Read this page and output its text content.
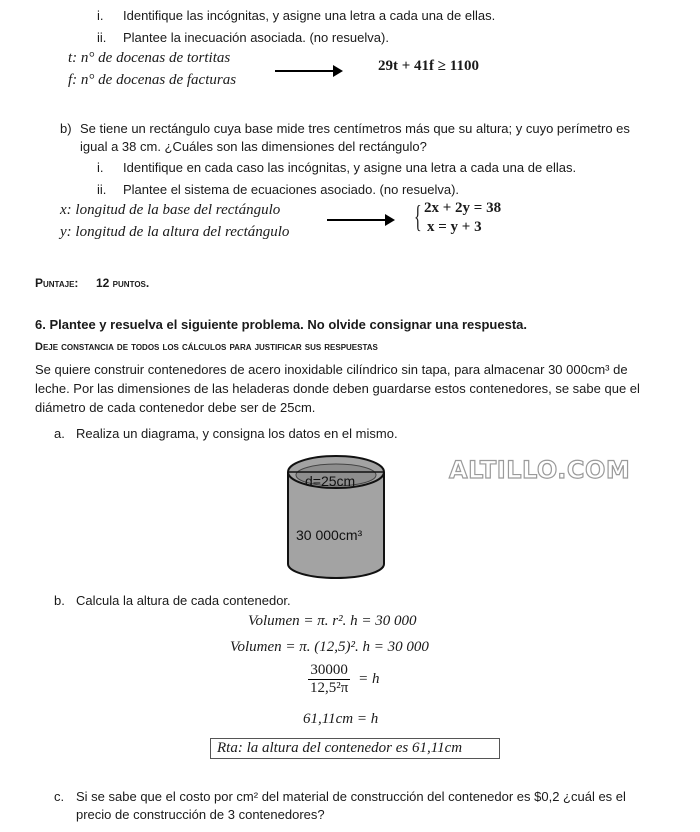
i. Identifique las incógnitas, y asigne una letra a cada una de ellas.
ii. Plantee la inecuación asociada. (no resuelva).
t: n° de docenas de tortitas
f: n° de docenas de facturas
29t + 41f ≥ 1100
b) Se tiene un rectángulo cuya base mide tres centímetros más que su altura; y cuyo perímetro es
igual a 38 cm. ¿Cuáles son las dimensiones del rectángulo?
i. Identifique en cada caso las incógnitas, y asigne una letra a cada una de ellas.
ii. Plantee el sistema de ecuaciones asociado. (no resuelva).
x: longitud de la base del rectángulo
y: longitud de la altura del rectángulo	{ 2x + 2y = 38
x = y + 3
Puntaje: 12 puntos.
6. Plantee y resuelva el siguiente problema. No olvide consignar una respuesta.
Deje constancia de todos los cálculos para justificar sus respuestas
Se quiere construir contenedores de acero inoxidable cilíndrico sin tapa, para almacenar 30 000cm³ de
leche. Por las dimensiones de las heladeras donde deben guardarse estos contenedores, se sabe que el
diámetro de cada contenedor debe ser de 25cm.
a. Realiza un diagrama, y consigna los datos en el mismo.
d=25cm
30 000cm³
ALTILLO.COM
b. Calcula la altura de cada contenedor.
Volumen = π. r². h = 30 000
Volumen = π. (12,5)². h = 30 000
$\frac{30000}{\text{12,5²π}} = h$
61,11cm = h
Rta: la altura del contenedor es 61,11cm
c. Si se sabe que el costo por cm² del material de construcción del contenedor es $0,2 ¿cuál es el
precio de construcción de 3 contenedores?
